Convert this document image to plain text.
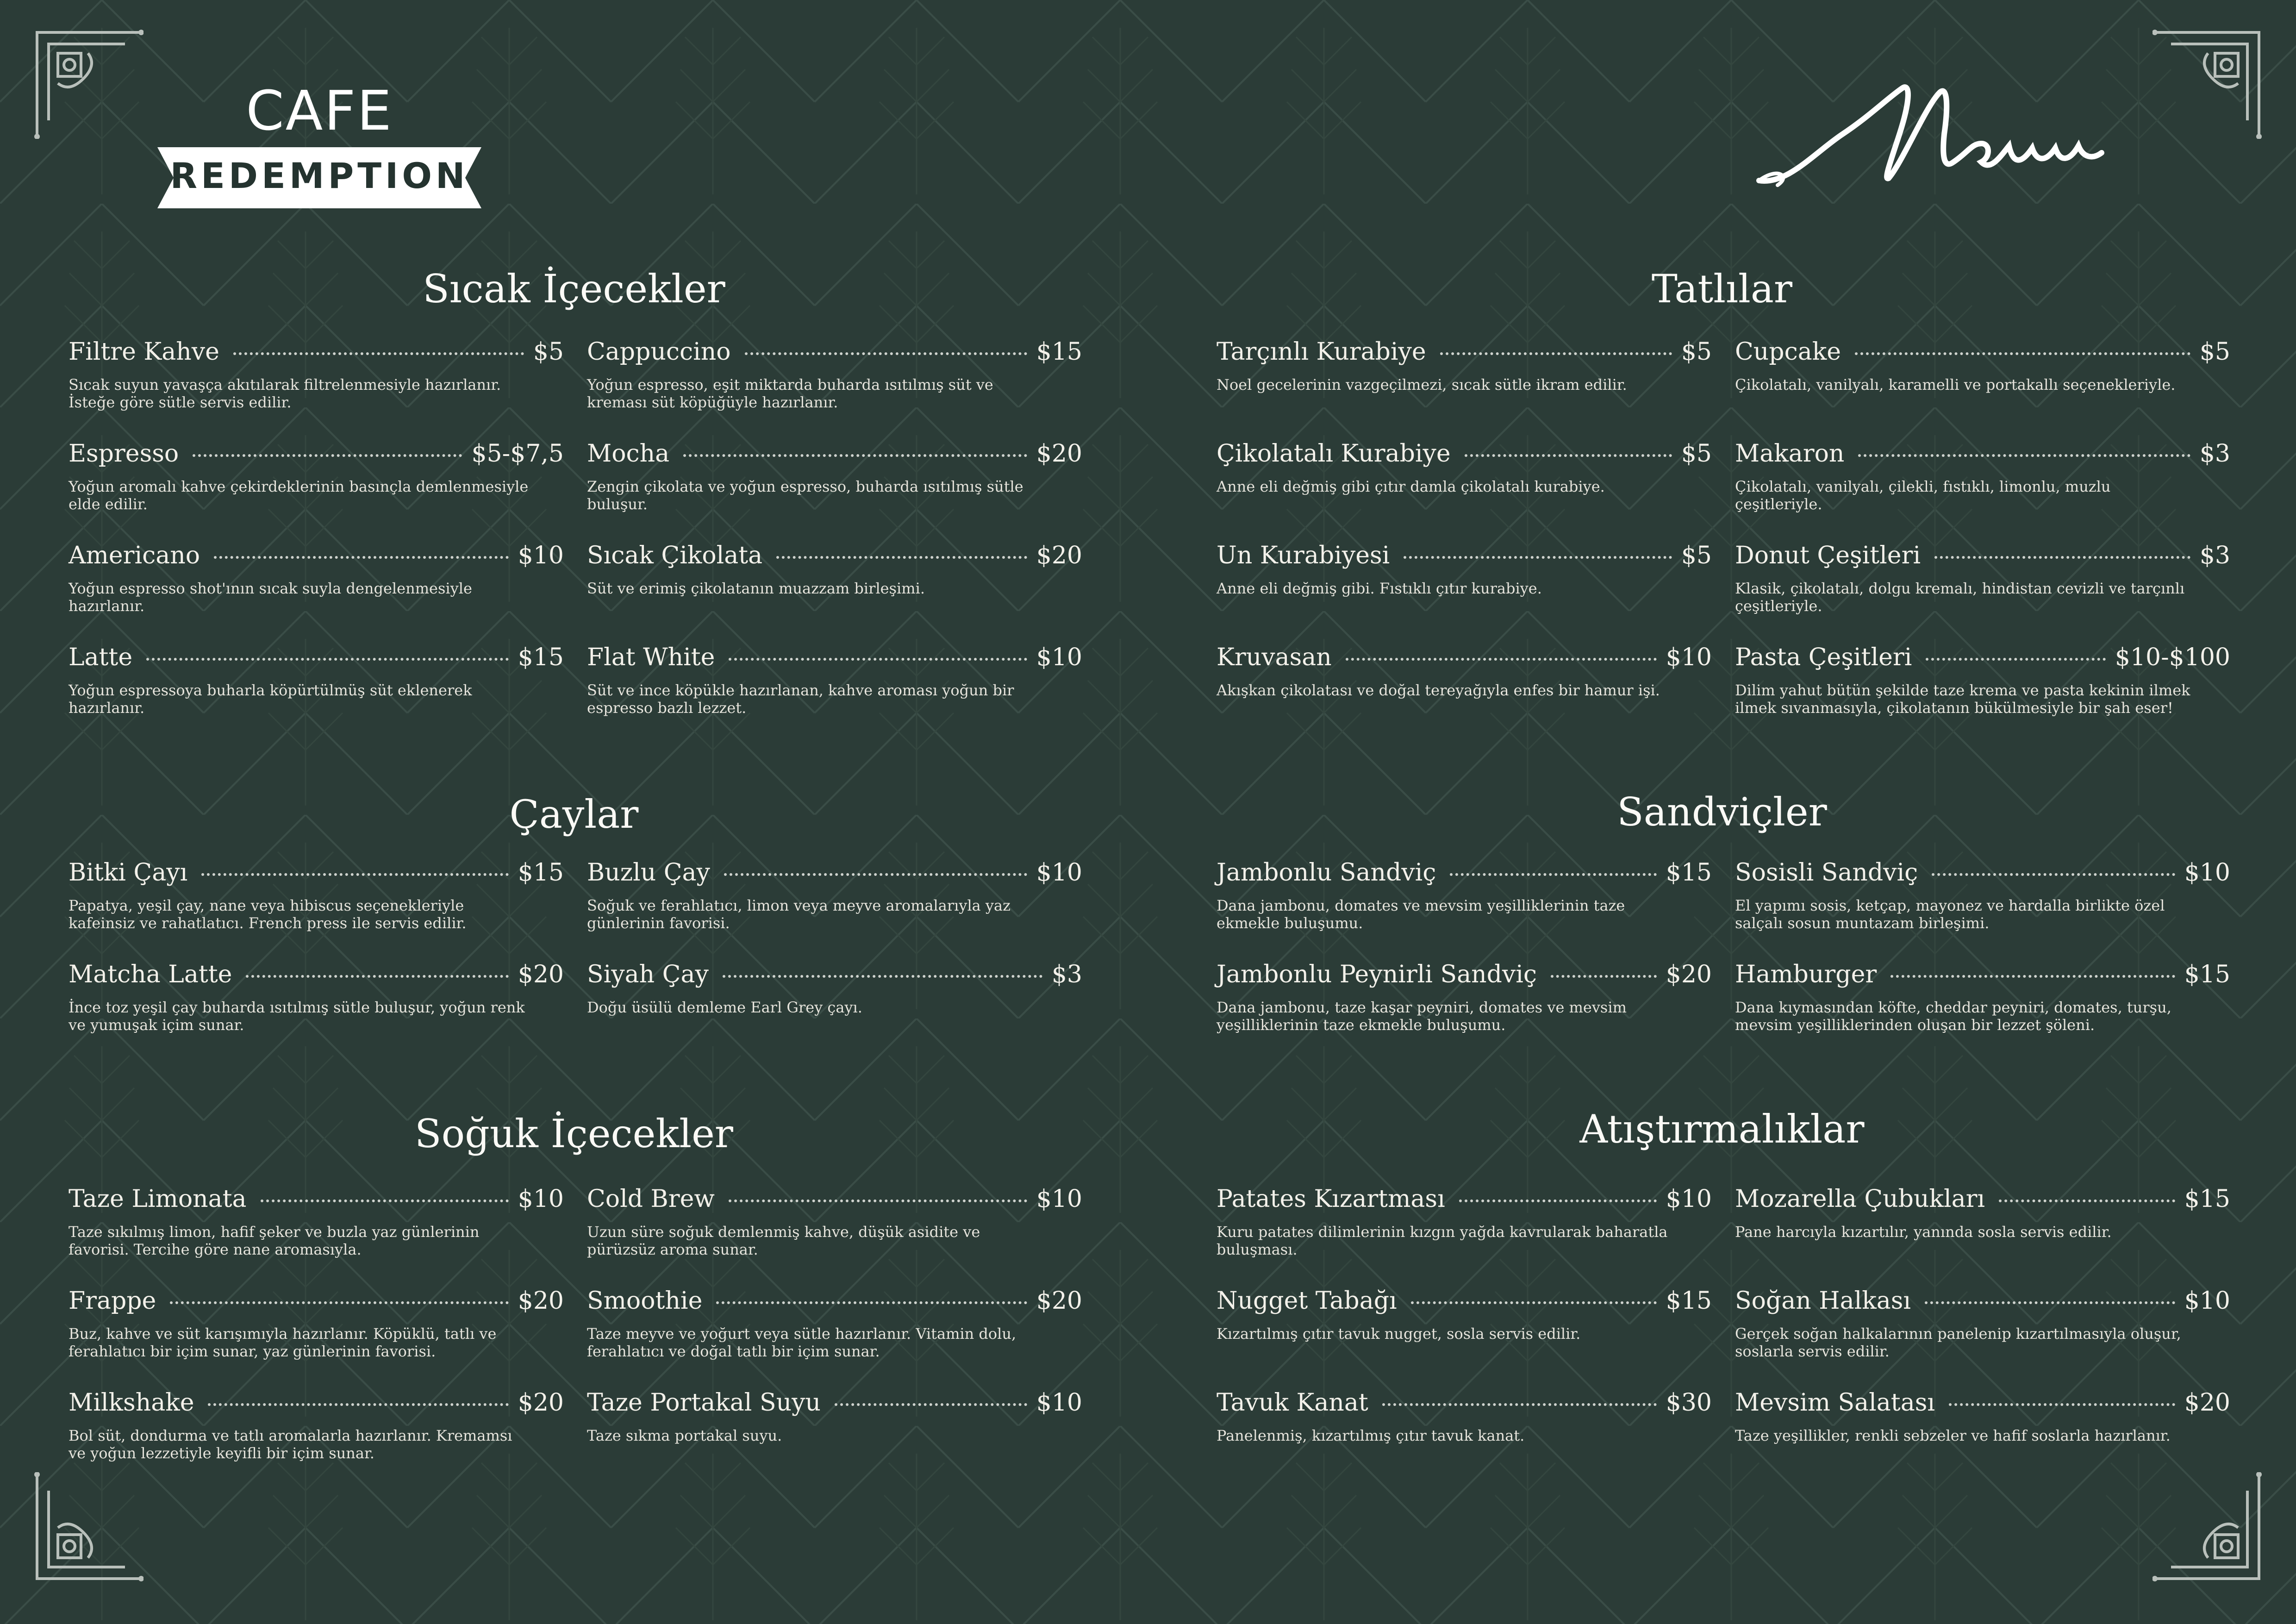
CAFE
REDEMPTION
Sıcak İçecekler
Çaylar
Soğuk İçecekler
Tatlılar
Sandviçler
Atıştırmalıklar
Filtre Kahve	$5
Sıcak suyun yavaşça akıtılarak filtrelenmesiyle hazırlanır. İsteğe göre sütle servis edilir.
Cappuccino	$15
Yoğun espresso, eşit miktarda buharda ısıtılmış süt ve kreması süt köpüğüyle hazırlanır.
Espresso	$5-$7,5
Yoğun aromalı kahve çekirdeklerinin basınçla demlenmesiyle elde edilir.
Mocha	$20
Zengin çikolata ve yoğun espresso, buharda ısıtılmış sütle buluşur.
Americano	$10
Yoğun espresso shot'ının sıcak suyla dengelenmesiyle hazırlanır.
Sıcak Çikolata	$20
Süt ve erimiş çikolatanın muazzam birleşimi.
Latte	$15
Yoğun espressoya buharla köpürtülmüş süt eklenerek hazırlanır.
Flat White	$10
Süt ve ince köpükle hazırlanan, kahve aroması yoğun bir espresso bazlı lezzet.
Bitki Çayı	$15
Papatya, yeşil çay, nane veya hibiscus seçenekleriyle kafeinsiz ve rahatlatıcı. French press ile servis edilir.
Buzlu Çay	$10
Soğuk ve ferahlatıcı, limon veya meyve aromalarıyla yaz günlerinin favorisi.
Matcha Latte	$20
İnce toz yeşil çay buharda ısıtılmış sütle buluşur, yoğun renk ve yumuşak içim sunar.
Siyah Çay	$3
Doğu üsülü demleme Earl Grey çayı.
Taze Limonata	$10
Taze sıkılmış limon, hafif şeker ve buzla yaz günlerinin favorisi. Tercihe göre nane aromasıyla.
Cold Brew	$10
Uzun süre soğuk demlenmiş kahve, düşük asidite ve pürüzsüz aroma sunar.
Frappe	$20
Buz, kahve ve süt karışımıyla hazırlanır. Köpüklü, tatlı ve ferahlatıcı bir içim sunar, yaz günlerinin favorisi.
Smoothie	$20
Taze meyve ve yoğurt veya sütle hazırlanır. Vitamin dolu, ferahlatıcı ve doğal tatlı bir içim sunar.
Milkshake	$20
Bol süt, dondurma ve tatlı aromalarla hazırlanır. Kremamsı ve yoğun lezzetiyle keyifli bir içim sunar.
Taze Portakal Suyu	$10
Taze sıkma portakal suyu.
Tarçınlı Kurabiye	$5
Noel gecelerinin vazgeçilmezi, sıcak sütle ikram edilir.
Cupcake	$5
Çikolatalı, vanilyalı, karamelli ve portakallı seçenekleriyle.
Çikolatalı Kurabiye	$5
Anne eli değmiş gibi çıtır damla çikolatalı kurabiye.
Makaron	$3
Çikolatalı, vanilyalı, çilekli, fıstıklı, limonlu, muzlu çeşitleriyle.
Un Kurabiyesi	$5
Anne eli değmiş gibi. Fıstıklı çıtır kurabiye.
Donut Çeşitleri	$3
Klasik, çikolatalı, dolgu kremalı, hindistan cevizli ve tarçınlı çeşitleriyle.
Kruvasan	$10
Akışkan çikolatası ve doğal tereyağıyla enfes bir hamur işi.
Pasta Çeşitleri	$10-$100
Dilim yahut bütün şekilde taze krema ve pasta kekinin ilmek ilmek sıvanmasıyla, çikolatanın bükülmesiyle bir şah eser!
Jambonlu Sandviç	$15
Dana jambonu, domates ve mevsim yeşilliklerinin taze ekmekle buluşumu.
Sosisli Sandviç	$10
El yapımı sosis, ketçap, mayonez ve hardalla birlikte özel salçalı sosun muntazam birleşimi.
Jambonlu Peynirli Sandviç	$20
Dana jambonu, taze kaşar peyniri, domates ve mevsim yeşilliklerinin taze ekmekle buluşumu.
Hamburger	$15
Dana kıymasından köfte, cheddar peyniri, domates, turşu, mevsim yeşilliklerinden oluşan bir lezzet şöleni.
Patates Kızartması	$10
Kuru patates dilimlerinin kızgın yağda kavrularak baharatla buluşması.
Mozarella Çubukları	$15
Pane harcıyla kızartılır, yanında sosla servis edilir.
Nugget Tabağı	$15
Kızartılmış çıtır tavuk nugget, sosla servis edilir.
Soğan Halkası	$10
Gerçek soğan halkalarının panelenip kızartılmasıyla oluşur, soslarla servis edilir.
Tavuk Kanat	$30
Panelenmiş, kızartılmış çıtır tavuk kanat.
Mevsim Salatası	$20
Taze yeşillikler, renkli sebzeler ve hafif soslarla hazırlanır.
